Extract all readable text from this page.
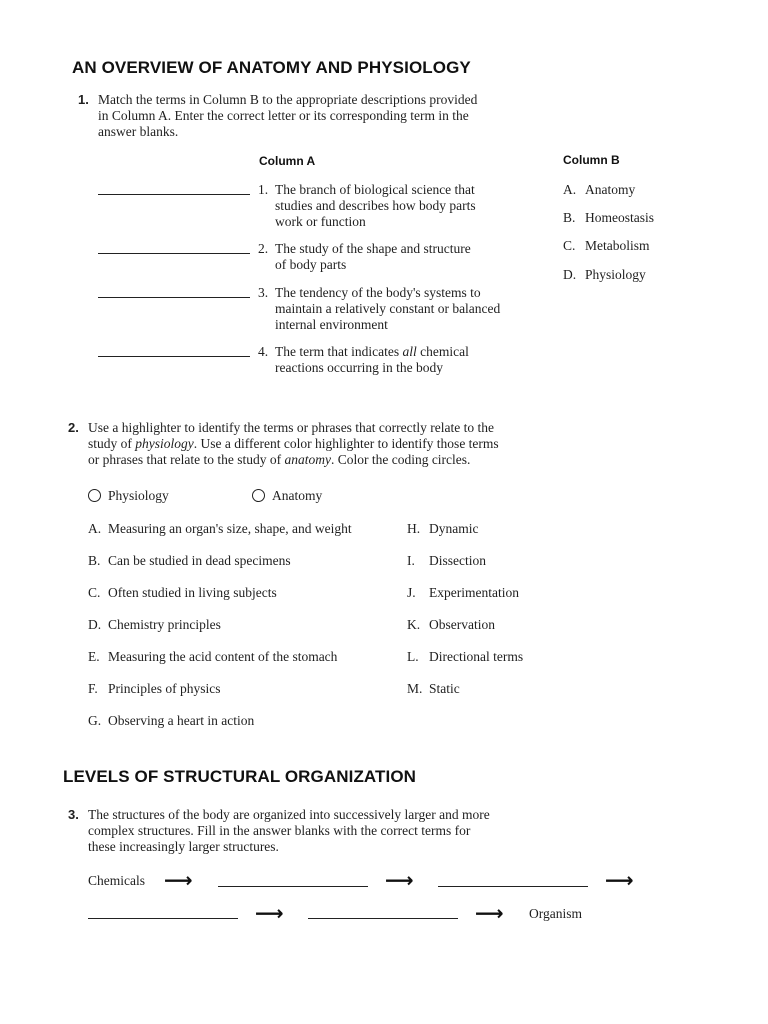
AN OVERVIEW OF ANATOMY AND PHYSIOLOGY
1. Match the terms in Column B to the appropriate descriptions provided
in Column A. Enter the correct letter or its corresponding term in the
answer blanks.
Column A	Column B
1. The branch of biological science that
studies and describes how body parts
work or function
2. The study of the shape and structure
of body parts
3. The tendency of the body's systems to
maintain a relatively constant or balanced
internal environment
4. The term that indicates all chemical
reactions occurring in the body
A. Anatomy
B. Homeostasis
C. Metabolism
D. Physiology
2. Use a highlighter to identify the terms or phrases that correctly relate to the
study of physiology. Use a different color highlighter to identify those terms
or phrases that relate to the study of anatomy. Color the coding circles.
Physiology	Anatomy
A. Measuring an organ's size, shape, and weight
B. Can be studied in dead specimens
C. Often studied in living subjects
D. Chemistry principles
E. Measuring the acid content of the stomach
F. Principles of physics
G. Observing a heart in action
H. Dynamic
I. Dissection
J. Experimentation
K. Observation
L. Directional terms
M. Static
LEVELS OF STRUCTURAL ORGANIZATION
3. The structures of the body are organized into successively larger and more
complex structures. Fill in the answer blanks with the correct terms for
these increasingly larger structures.
Chemicals ⟶	⟶	⟶
⟶	⟶ Organism
